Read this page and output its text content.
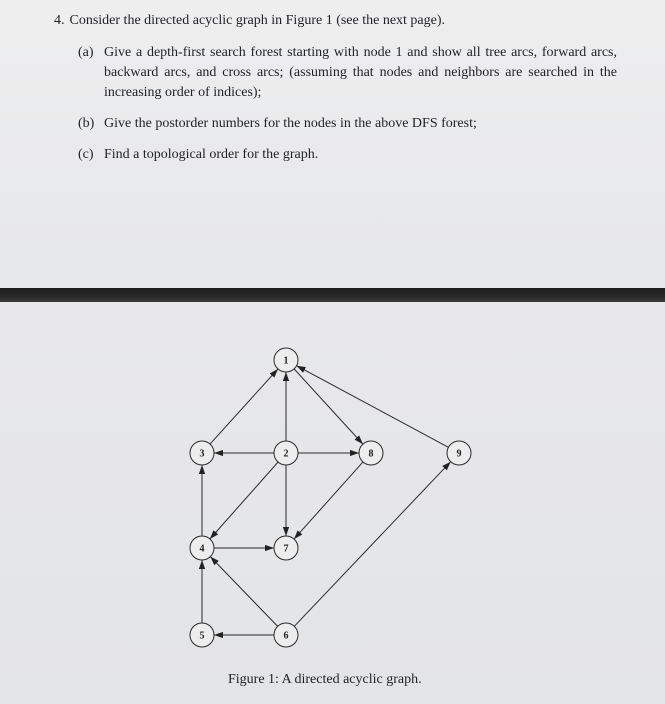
4. Consider the directed acyclic graph in Figure 1 (see the next page).

(a) Give a depth-first search forest starting with node 1 and show all tree arcs, forward arcs, backward arcs, and cross arcs; (assuming that nodes and neighbors are searched in the increasing order of indices);
(b) Give the postorder numbers for the nodes in the above DFS forest;
(c) Find a topological order for the graph.
1
2
3
4
5	6
7
8	9
Figure 1: A directed acyclic graph.
